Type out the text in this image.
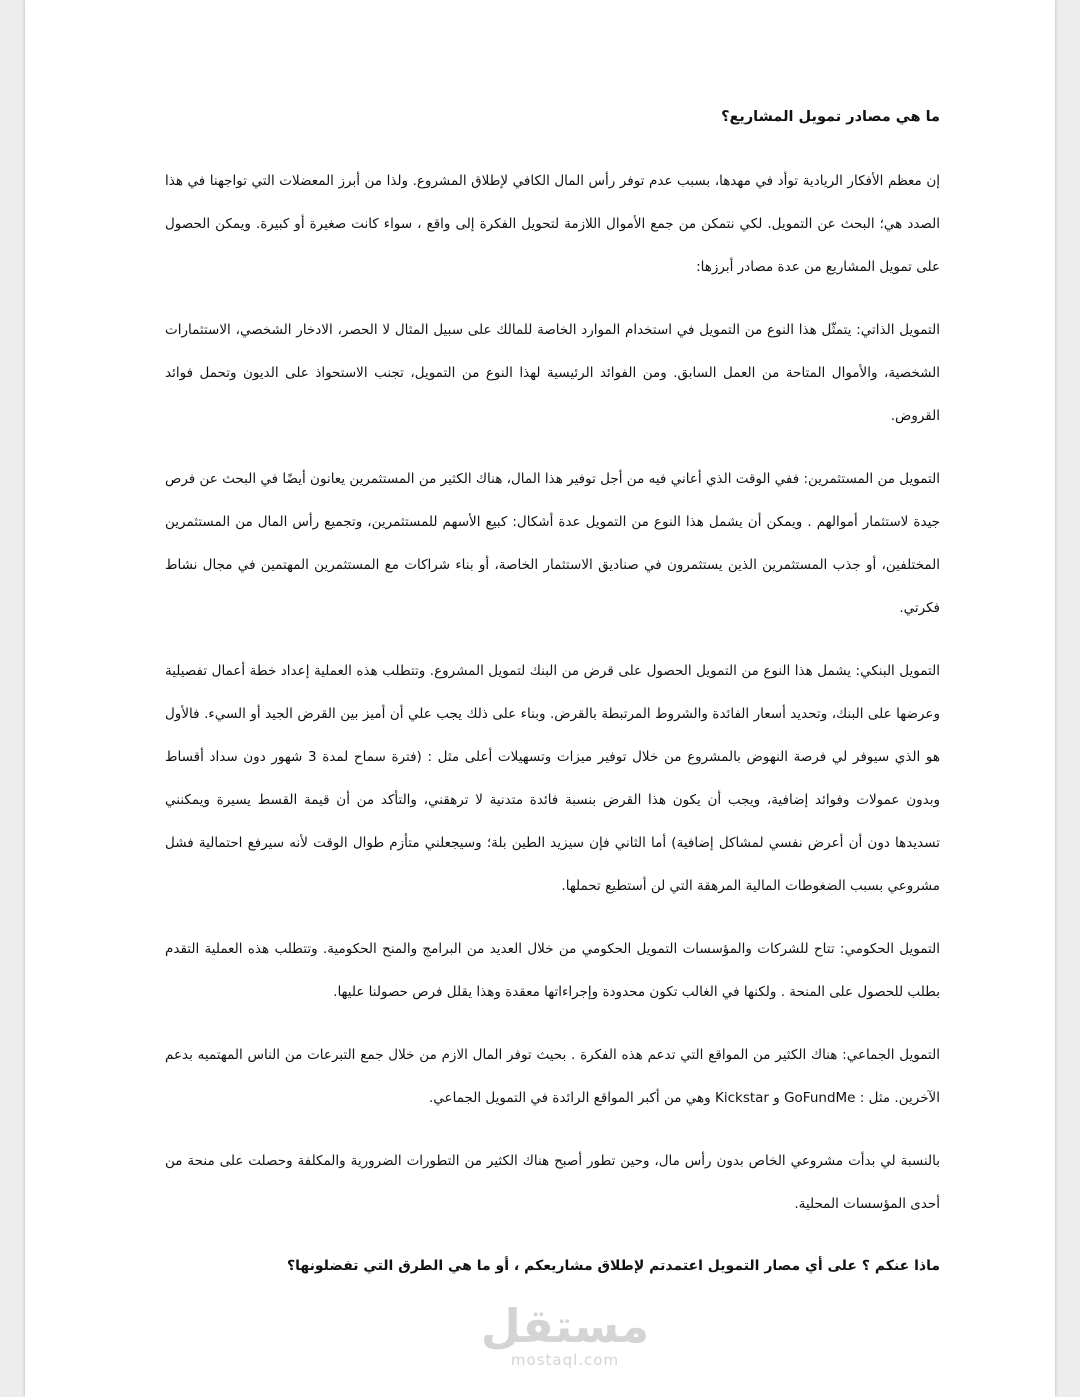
ما هي مصادر تمويل المشاريع؟

إن معظم الأفكار الريادية توأد في مهدها، بسبب عدم توفر رأس المال الكافي لإطلاق المشروع. ولذا من أبرز المعضلات التي تواجهنا في هذا الصدد هي؛ البحث عن التمويل. لكي نتمكن من جمع الأموال اللازمة لتحويل الفكرة إلى واقع ، سواء كانت صغيرة أو كبيرة. ويمكن الحصول على تمويل المشاريع من عدة مصادر أبرزها:

التمويل الذاتي: يتمثّل هذا النوع من التمويل في استخدام الموارد الخاصة للمالك على سبيل المثال لا الحصر، الادخار الشخصي، الاستثمارات الشخصية، والأموال المتاحة من العمل السابق. ومن الفوائد الرئيسية لهذا النوع من التمويل، تجنب الاستحواذ على الديون وتحمل فوائد القروض.

التمويل من المستثمرين: ففي الوقت الذي أعاني فيه من أجل توفير هذا المال، هناك الكثير من المستثمرين يعانون أيضًا في البحث عن فرص جيدة لاستثمار أموالهم . ويمكن أن يشمل هذا النوع من التمويل عدة أشكال: كبيع الأسهم للمستثمرين، وتجميع رأس المال من المستثمرين المختلفين، أو جذب المستثمرين الذين يستثمرون في صناديق الاستثمار الخاصة، أو بناء شراكات مع المستثمرين المهتمين في مجال نشاط فكرتي.

التمويل البنكي: يشمل هذا النوع من التمويل الحصول على قرض من البنك لتمويل المشروع. وتتطلب هذه العملية إعداد خطة أعمال تفصيلية وعرضها على البنك، وتحديد أسعار الفائدة والشروط المرتبطة بالقرض. وبناء على ذلك يجب علي أن أميز بين القرض الجيد أو السيء. فالأول هو الذي سيوفر لي فرصة النهوض بالمشروع من خلال توفير ميزات وتسهيلات أعلى مثل : (فترة سماح لمدة 3 شهور دون سداد أقساط وبدون عمولات وفوائد إضافية، ويجب أن يكون هذا القرض بنسبة فائدة متدنية لا ترهقني، والتأكد من أن قيمة القسط يسيرة ويمكنني تسديدها دون أن أعرض نفسي لمشاكل إضافية) أما الثاني فإن سيزيد الطين بلة؛ وسيجعلني متأزم طوال الوقت لأنه سيرفع احتمالية فشل مشروعي بسبب الضغوطات المالية المرهقة التي لن أستطيع تحملها.

التمويل الحكومي: تتاح للشركات والمؤسسات التمويل الحكومي من خلال العديد من البرامج والمنح الحكومية. وتتطلب هذه العملية التقدم بطلب للحصول على المنحة . ولكنها في الغالب تكون محدودة وإجراءاتها معقدة وهذا يقلل فرص حصولنا عليها.

التمويل الجماعي: هناك الكثير من المواقع التي تدعم هذه الفكرة . بحيث توفر المال الازم من خلال جمع التبرعات من الناس المهتميه بدعم الآخرين. مثل : GoFundMe و Kickstar وهي من أكبر المواقع الرائدة في التمويل الجماعي.

بالنسبة لي بدأت مشروعي الخاص بدون رأس مال، وحين تطور أصبح هناك الكثير من التطورات الضرورية والمكلفة وحصلت على منحة من أحدى المؤسسات المحلية.

ماذا عنكم ؟ على أي مصار التمويل اعتمدتم لإطلاق مشاريعكم ، أو ما هي الطرق التي تفضلونها؟

مستقل
mostaql.com
